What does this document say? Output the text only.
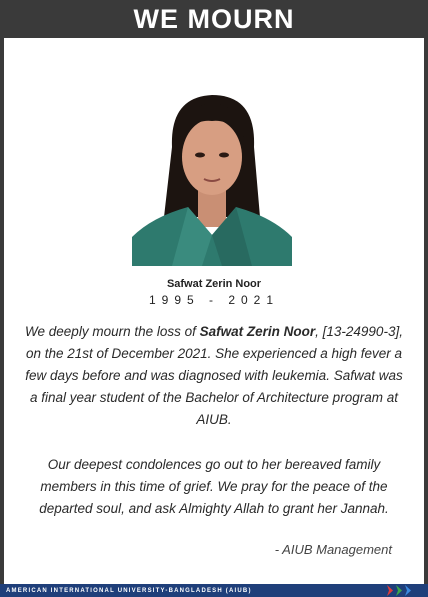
WE MOURN
Safwat Zerin Noor
1995 - 2021
We deeply mourn the loss of Safwat Zerin Noor, [13-24990-3], on the 21st of December 2021. She experienced a high fever a few days before and was diagnosed with leukemia. Safwat was a final year student of the Bachelor of Architecture program at AIUB.
Our deepest condolences go out to her bereaved family members in this time of grief. We pray for the peace of the departed soul, and ask Almighty Allah to grant her Jannah.
- AIUB Management
AMERICAN INTERNATIONAL UNIVERSITY-BANGLADESH (AIUB)
